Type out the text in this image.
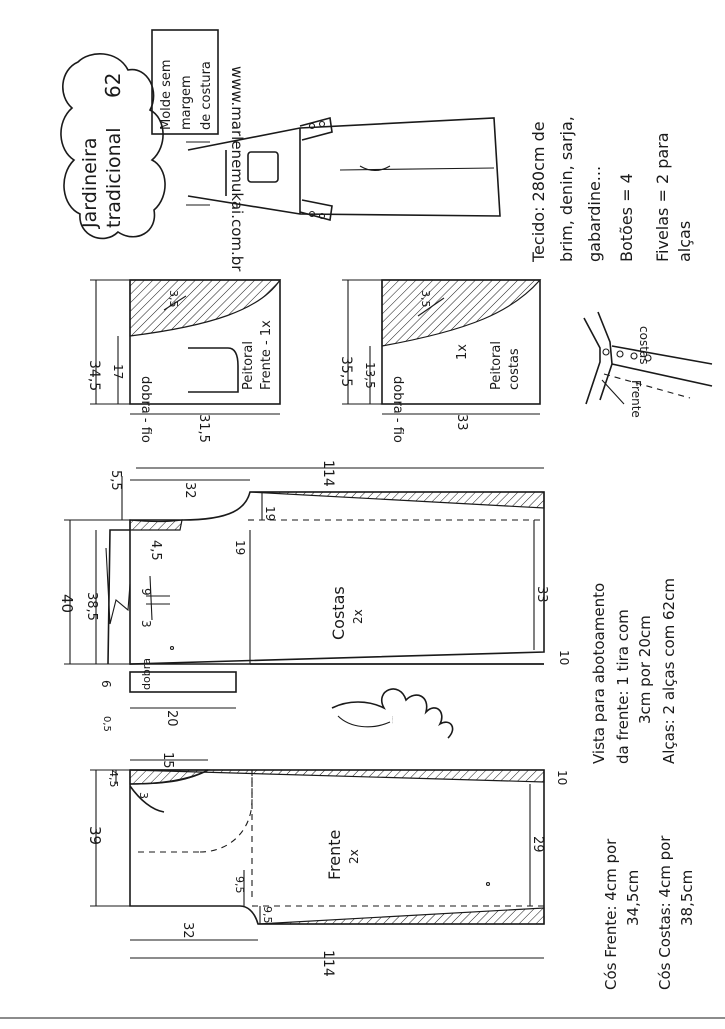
Jardineira tradicional
62	Molde sem margem de costura www.marlenemukai.com.br	Tecido: 280cm de brim, denin, sarja, gabardine... Botões = 4 Fivelas = 2 para alças
34,5 17
31,5
3,5
Peitoral Frente - 1x
dobra - fio
35,5 13,5
33
3,5
Peitoral costas
1x
dobra - fio
costas
Frente
114
32
5,5
4,5
19
19
40 38,5
9
3
33
10
6
20
0,5
dobra
Costas 2x
Marlene Mukai	Vista para abotoamento da frente: 1 tira com 3cm por 20cm Alças: 2 alças com 62cm
15
4,5
3
39
9,5
9,5
32
114
29
10
Frente 2x	Cós Frente: 4cm por 34,5cm Cós Costas: 4cm por 38,5cm
